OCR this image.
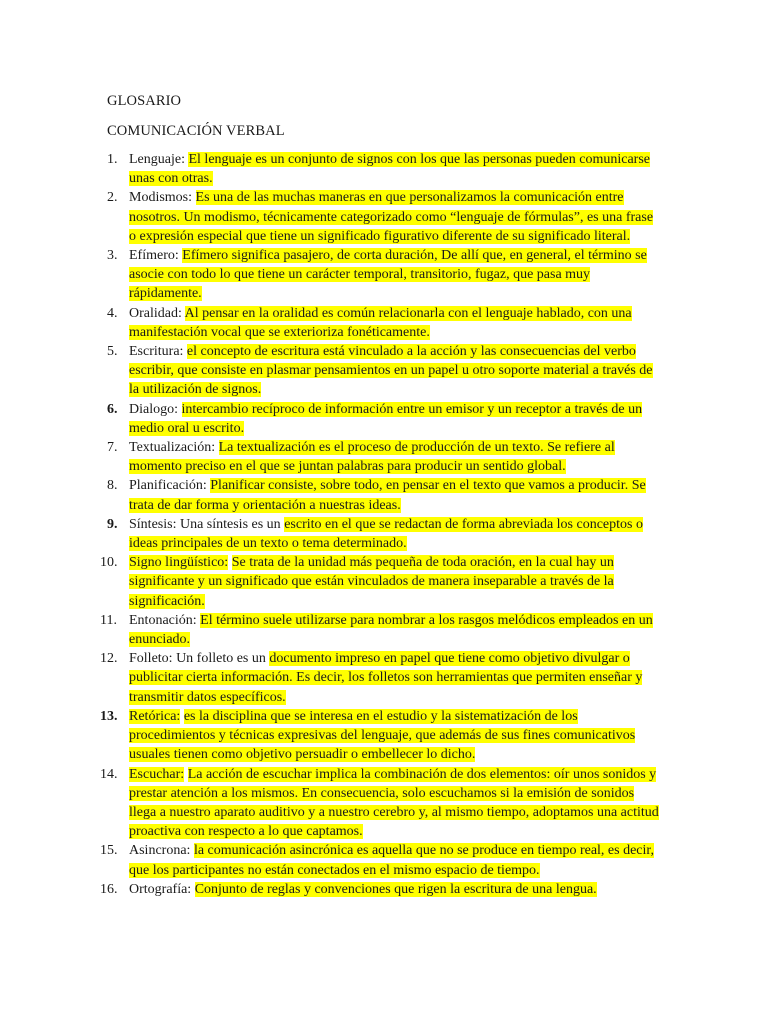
GLOSARIO
COMUNICACIÓN VERBAL
1. Lenguaje: El lenguaje es un conjunto de signos con los que las personas pueden comunicarse unas con otras.
2. Modismos: Es una de las muchas maneras en que personalizamos la comunicación entre nosotros. Un modismo, técnicamente categorizado como “lenguaje de fórmulas”, es una frase o expresión especial que tiene un significado figurativo diferente de su significado literal.
3. Efímero: Efímero significa pasajero, de corta duración, De allí que, en general, el término se asocie con todo lo que tiene un carácter temporal, transitorio, fugaz, que pasa muy rápidamente.
4. Oralidad: Al pensar en la oralidad es común relacionarla con el lenguaje hablado, con una manifestación vocal que se exterioriza fonéticamente.
5. Escritura: el concepto de escritura está vinculado a la acción y las consecuencias del verbo escribir, que consiste en plasmar pensamientos en un papel u otro soporte material a través de la utilización de signos.
6. Dialogo: intercambio recíproco de información entre un emisor y un receptor a través de un medio oral u escrito.
7. Textualización: La textualización es el proceso de producción de un texto. Se refiere al momento preciso en el que se juntan palabras para producir un sentido global.
8. Planificación: Planificar consiste, sobre todo, en pensar en el texto que vamos a producir. Se trata de dar forma y orientación a nuestras ideas.
9. Síntesis: Una síntesis es un escrito en el que se redactan de forma abreviada los conceptos o ideas principales de un texto o tema determinado.
10. Signo lingüístico: Se trata de la unidad más pequeña de toda oración, en la cual hay un significante y un significado que están vinculados de manera inseparable a través de la significación.
11. Entonación: El término suele utilizarse para nombrar a los rasgos melódicos empleados en un enunciado.
12. Folleto: Un folleto es un documento impreso en papel que tiene como objetivo divulgar o publicitar cierta información. Es decir, los folletos son herramientas que permiten enseñar y transmitir datos específicos.
13. Retórica: es la disciplina que se interesa en el estudio y la sistematización de los procedimientos y técnicas expresivas del lenguaje, que además de sus fines comunicativos usuales tienen como objetivo persuadir o embellecer lo dicho.
14. Escuchar: La acción de escuchar implica la combinación de dos elementos: oír unos sonidos y prestar atención a los mismos. En consecuencia, solo escuchamos si la emisión de sonidos llega a nuestro aparato auditivo y a nuestro cerebro y, al mismo tiempo, adoptamos una actitud proactiva con respecto a lo que captamos.
15. Asincrona: la comunicación asincrónica es aquella que no se produce en tiempo real, es decir, que los participantes no están conectados en el mismo espacio de tiempo.
16. Ortografía: Conjunto de reglas y convenciones que rigen la escritura de una lengua.
